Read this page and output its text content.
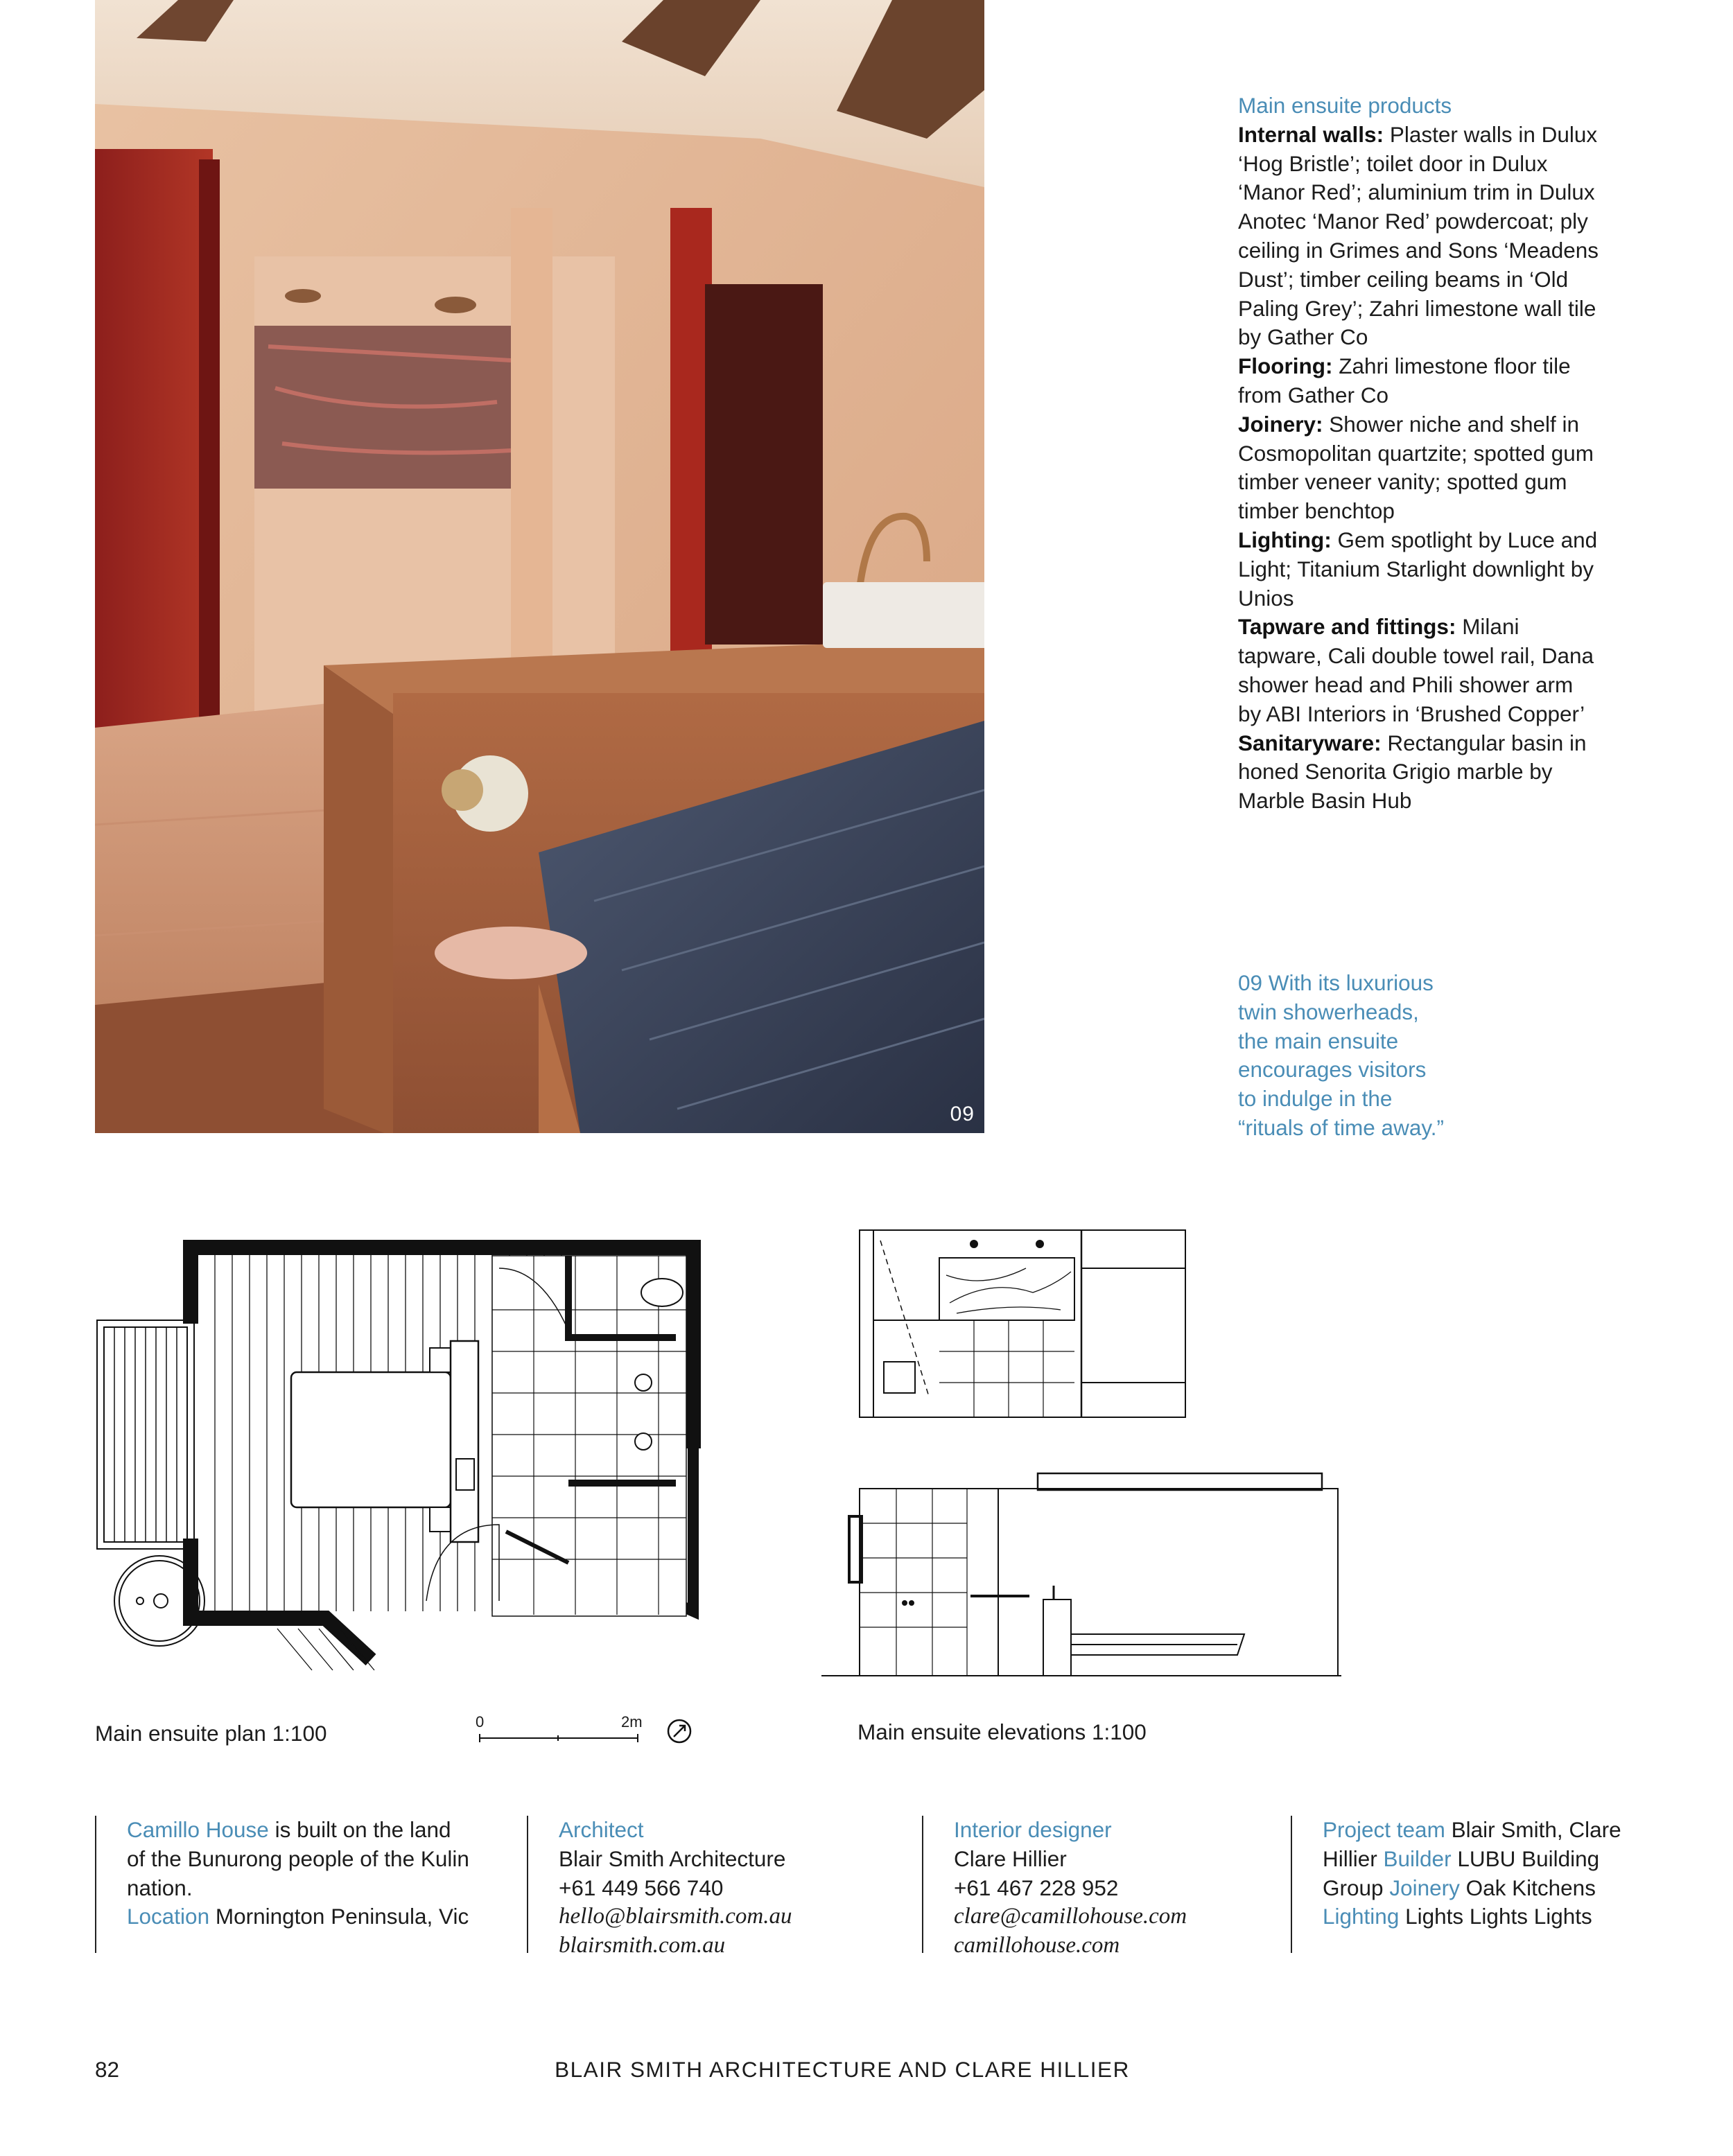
09
Main ensuite products
Internal walls: Plaster walls in Dulux ‘Hog Bristle’; toilet door in Dulux ‘Manor Red’; aluminium trim in Dulux Anotec ‘Manor Red’ powdercoat; ply ceiling in Grimes and Sons ‘Meadens Dust’; timber ceiling beams in ‘Old Paling Grey’; Zahri limestone wall tile by Gather Co
Flooring: Zahri limestone floor tile from Gather Co
Joinery: Shower niche and shelf in Cosmopolitan quartzite; spotted gum timber veneer vanity; spotted gum timber benchtop
Lighting: Gem spotlight by Luce and Light; Titanium Starlight downlight by Unios
Tapware and fittings: Milani tapware, Cali double towel rail, Dana shower head and Phili shower arm by ABI Interiors in ‘Brushed Copper’
Sanitaryware: Rectangular basin in honed Senorita Grigio marble by Marble Basin Hub
09 With its luxurious
twin showerheads,
the main ensuite
encourages visitors
to indulge in the
“rituals of time away.”
Main ensuite plan 1:100	0	2m	Main ensuite elevations 1:100
Camillo House is built on the land of the Bunurong people of the Kulin nation.
Location Mornington Peninsula, Vic
Architect
Blair Smith Architecture
+61 449 566 740
hello@blairsmith.com.au
blairsmith.com.au
Interior designer
Clare Hillier
+61 467 228 952
clare@camillohouse.com
camillohouse.com
Project team Blair Smith, Clare Hillier Builder LUBU Building Group Joinery Oak Kitchens Lighting Lights Lights Lights
82	BLAIR SMITH ARCHITECTURE AND CLARE HILLIER
